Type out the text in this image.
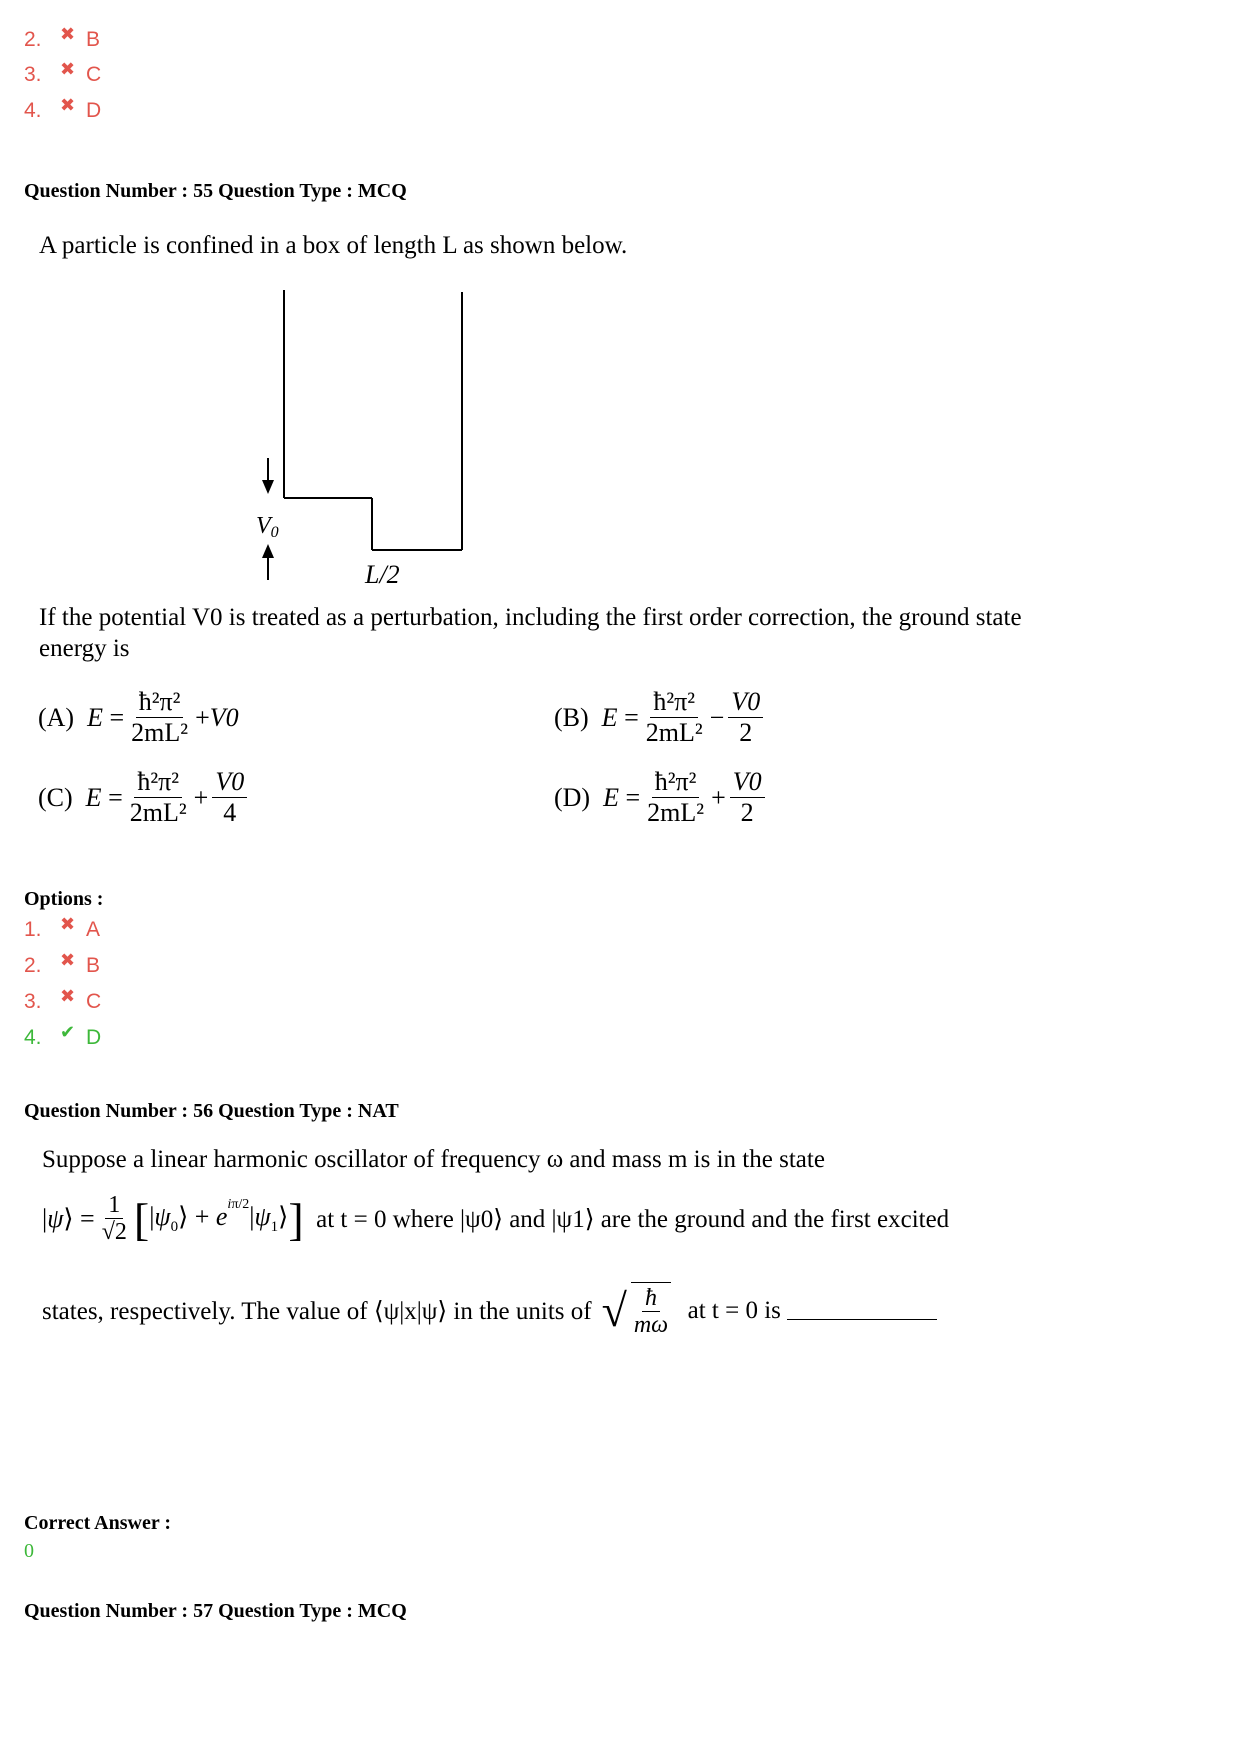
2.	✖ B
3.	✖ C
4.	✖ D
Question Number : 55 Question Type : MCQ
A particle is confined in a box of length L as shown below.
V0
L/2
If the potential V0 is treated as a perturbation, including the first order correction, the ground state
energy is
(A)
$E = \frac{\text{ħ²π²}}{\text{2mL²}} + V0$	(B)
$E = \frac{\text{ħ²π²}}{\text{2mL²}} - \frac{V0}{2}$
(C)
$E = \frac{\text{ħ²π²}}{\text{2mL²}} + \frac{V0}{4}$	(D)
$E = \frac{\text{ħ²π²}}{\text{2mL²}} + \frac{V0}{2}$
Options :
1.	✖ A
2.	✖ B
3.	✖ C
4.	✔ D
Question Number : 56 Question Type : NAT
Suppose a linear harmonic oscillator of frequency ω and mass m is in the state
|ψ⟩ = $\frac{1}{√2}$ [ $|\psi_0⟩$ + $e^{i\pi/2}|\psi_1⟩$ ]
at t = 0 where |ψ0⟩ and |ψ1⟩ are the ground and the first excited
states, respectively. The value of ⟨ψ|x|ψ⟩ in the units of √ $\frac{ħ}{m\omega}$
at t = 0 is

Correct Answer :
0
Question Number : 57 Question Type : MCQ
